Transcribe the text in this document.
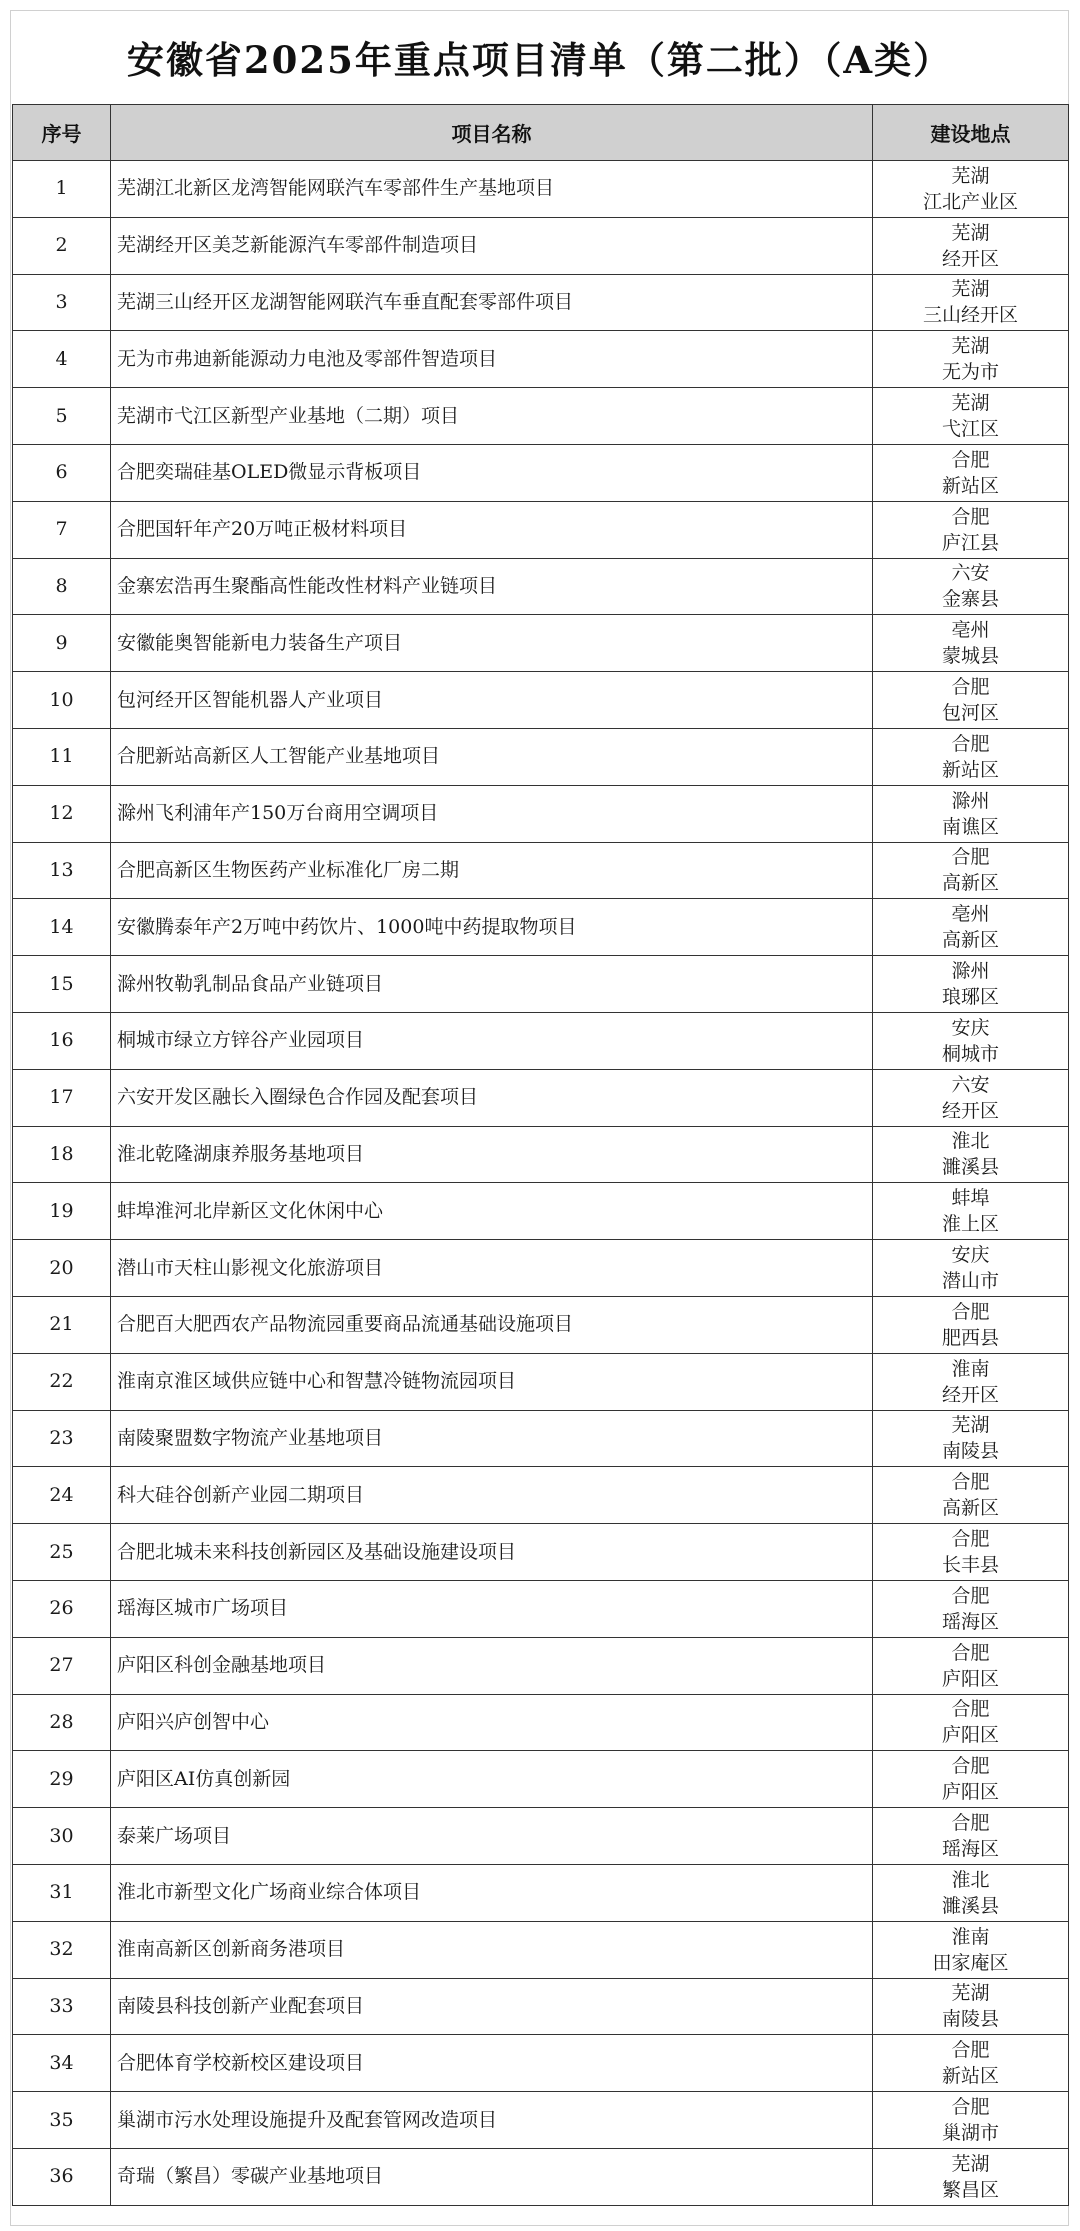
安徽省2025年重点项目清单（第二批）（A类）
序号	项目名称	建设地点
1	芜湖江北新区龙湾智能网联汽车零部件生产基地项目	芜湖
江北产业区

2	芜湖经开区美芝新能源汽车零部件制造项目	芜湖
经开区

3	芜湖三山经开区龙湖智能网联汽车垂直配套零部件项目	芜湖
三山经开区

4	无为市弗迪新能源动力电池及零部件智造项目	芜湖
无为市

5	芜湖市弋江区新型产业基地（二期）项目	芜湖
弋江区

6	合肥奕瑞硅基OLED微显示背板项目	合肥
新站区

7	合肥国轩年产20万吨正极材料项目	合肥
庐江县

8	金寨宏浩再生聚酯高性能改性材料产业链项目	六安
金寨县

9	安徽能奥智能新电力装备生产项目	亳州
蒙城县

10	包河经开区智能机器人产业项目	合肥
包河区

11	合肥新站高新区人工智能产业基地项目	合肥
新站区

12	滁州飞利浦年产150万台商用空调项目	滁州
南谯区

13	合肥高新区生物医药产业标准化厂房二期	合肥
高新区

14	安徽腾泰年产2万吨中药饮片、1000吨中药提取物项目	亳州
高新区

15	滁州牧勒乳制品食品产业链项目	滁州
琅琊区

16	桐城市绿立方锌谷产业园项目	安庆
桐城市

17	六安开发区融长入圈绿色合作园及配套项目	六安
经开区

18	淮北乾隆湖康养服务基地项目	淮北
濉溪县

19	蚌埠淮河北岸新区文化休闲中心	蚌埠
淮上区

20	潜山市天柱山影视文化旅游项目	安庆
潜山市

21	合肥百大肥西农产品物流园重要商品流通基础设施项目	合肥
肥西县

22	淮南京淮区域供应链中心和智慧冷链物流园项目	淮南
经开区

23	南陵聚盟数字物流产业基地项目	芜湖
南陵县

24	科大硅谷创新产业园二期项目	合肥
高新区

25	合肥北城未来科技创新园区及基础设施建设项目	合肥
长丰县

26	瑶海区城市广场项目	合肥
瑶海区

27	庐阳区科创金融基地项目	合肥
庐阳区

28	庐阳兴庐创智中心	合肥
庐阳区

29	庐阳区AI仿真创新园	合肥
庐阳区

30	泰莱广场项目	合肥
瑶海区

31	淮北市新型文化广场商业综合体项目	淮北
濉溪县

32	淮南高新区创新商务港项目	淮南
田家庵区

33	南陵县科技创新产业配套项目	芜湖
南陵县

34	合肥体育学校新校区建设项目	合肥
新站区

35	巢湖市污水处理设施提升及配套管网改造项目	合肥
巢湖市

36	奇瑞（繁昌）零碳产业基地项目	芜湖
繁昌区
